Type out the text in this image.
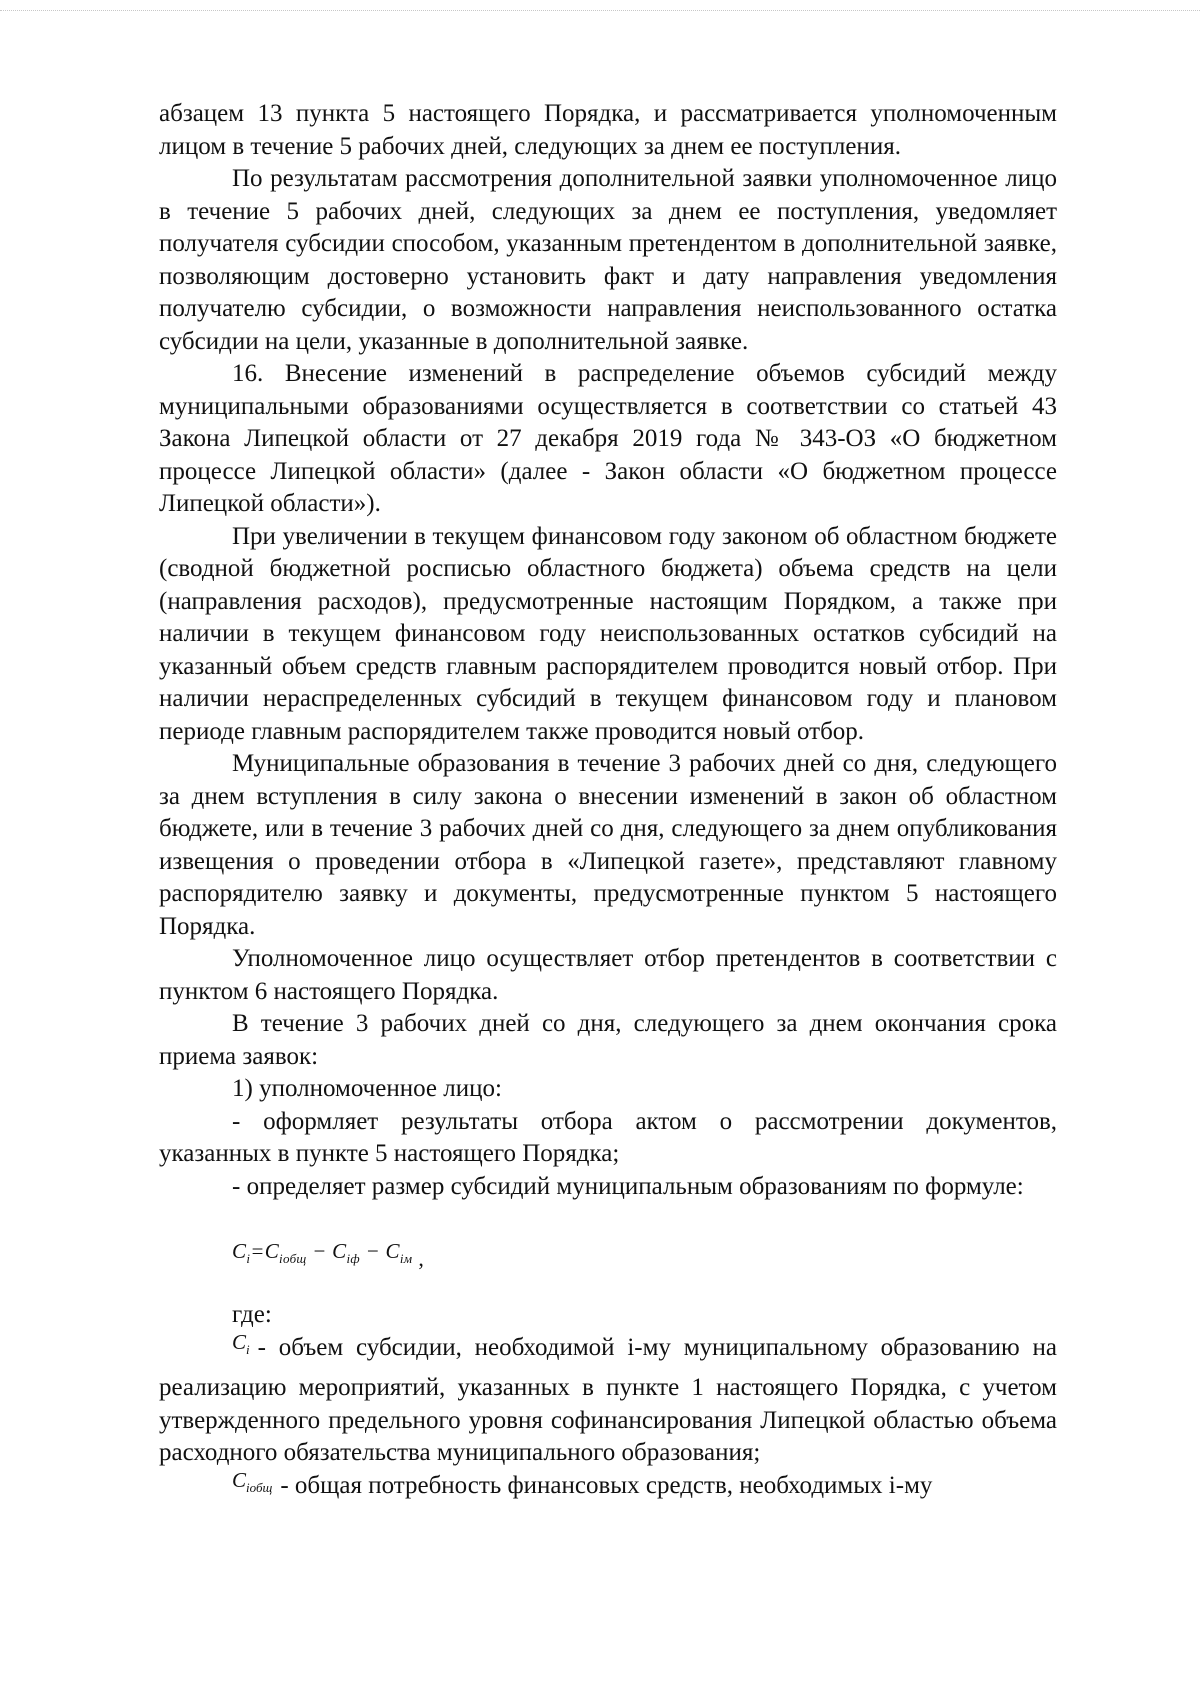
абзацем 13 пункта 5 настоящего Порядка, и рассматривается уполномоченным лицом в течение 5 рабочих дней, следующих за днем ее поступления.

По результатам рассмотрения дополнительной заявки уполномоченное лицо в течение 5 рабочих дней, следующих за днем ее поступления, уведомляет получателя субсидии способом, указанным претендентом в дополнительной заявке, позволяющим достоверно установить факт и дату направления уведомления получателю субсидии, о возможности направления неиспользованного остатка субсидии на цели, указанные в дополнительной заявке.

16. Внесение изменений в распределение объемов субсидий между муниципальными образованиями осуществляется в соответствии со статьей 43 Закона Липецкой области от 27 декабря 2019 года № 343-ОЗ «О бюджетном процессе Липецкой области» (далее - Закон области «О бюджетном процессе Липецкой области»).

При увеличении в текущем финансовом году законом об областном бюджете (сводной бюджетной росписью областного бюджета) объема средств на цели (направления расходов), предусмотренные настоящим Порядком, а также при наличии в текущем финансовом году неиспользованных остатков субсидий на указанный объем средств главным распорядителем проводится новый отбор. При наличии нераспределенных субсидий в текущем финансовом году и плановом периоде главным распорядителем также проводится новый отбор.

Муниципальные образования в течение 3 рабочих дней со дня, следующего за днем вступления в силу закона о внесении изменений в закон об областном бюджете, или в течение 3 рабочих дней со дня, следующего за днем опубликования извещения о проведении отбора в «Липецкой газете», представляют главному распорядителю заявку и документы, предусмотренные пунктом 5 настоящего Порядка.

Уполномоченное лицо осуществляет отбор претендентов в соответствии с пунктом 6 настоящего Порядка.

В течение 3 рабочих дней со дня, следующего за днем окончания срока приема заявок:

1) уполномоченное лицо:

- оформляет результаты отбора актом о рассмотрении документов, указанных в пункте 5 настоящего Порядка;

- определяет размер субсидий муниципальным образованиям по формуле:

$C_i=C_{iобщ} - C_{iф} - C_{iм}$ ,

где:

$^{C_i}$ - объем субсидии, необходимой i-му муниципальному образованию на реализацию мероприятий, указанных в пункте 1 настоящего Порядка, с учетом утвержденного предельного уровня софинансирования Липецкой областью объема расходного обязательства муниципального образования;

$^{C_{iобщ}}$ - общая потребность финансовых средств, необходимых i-му
